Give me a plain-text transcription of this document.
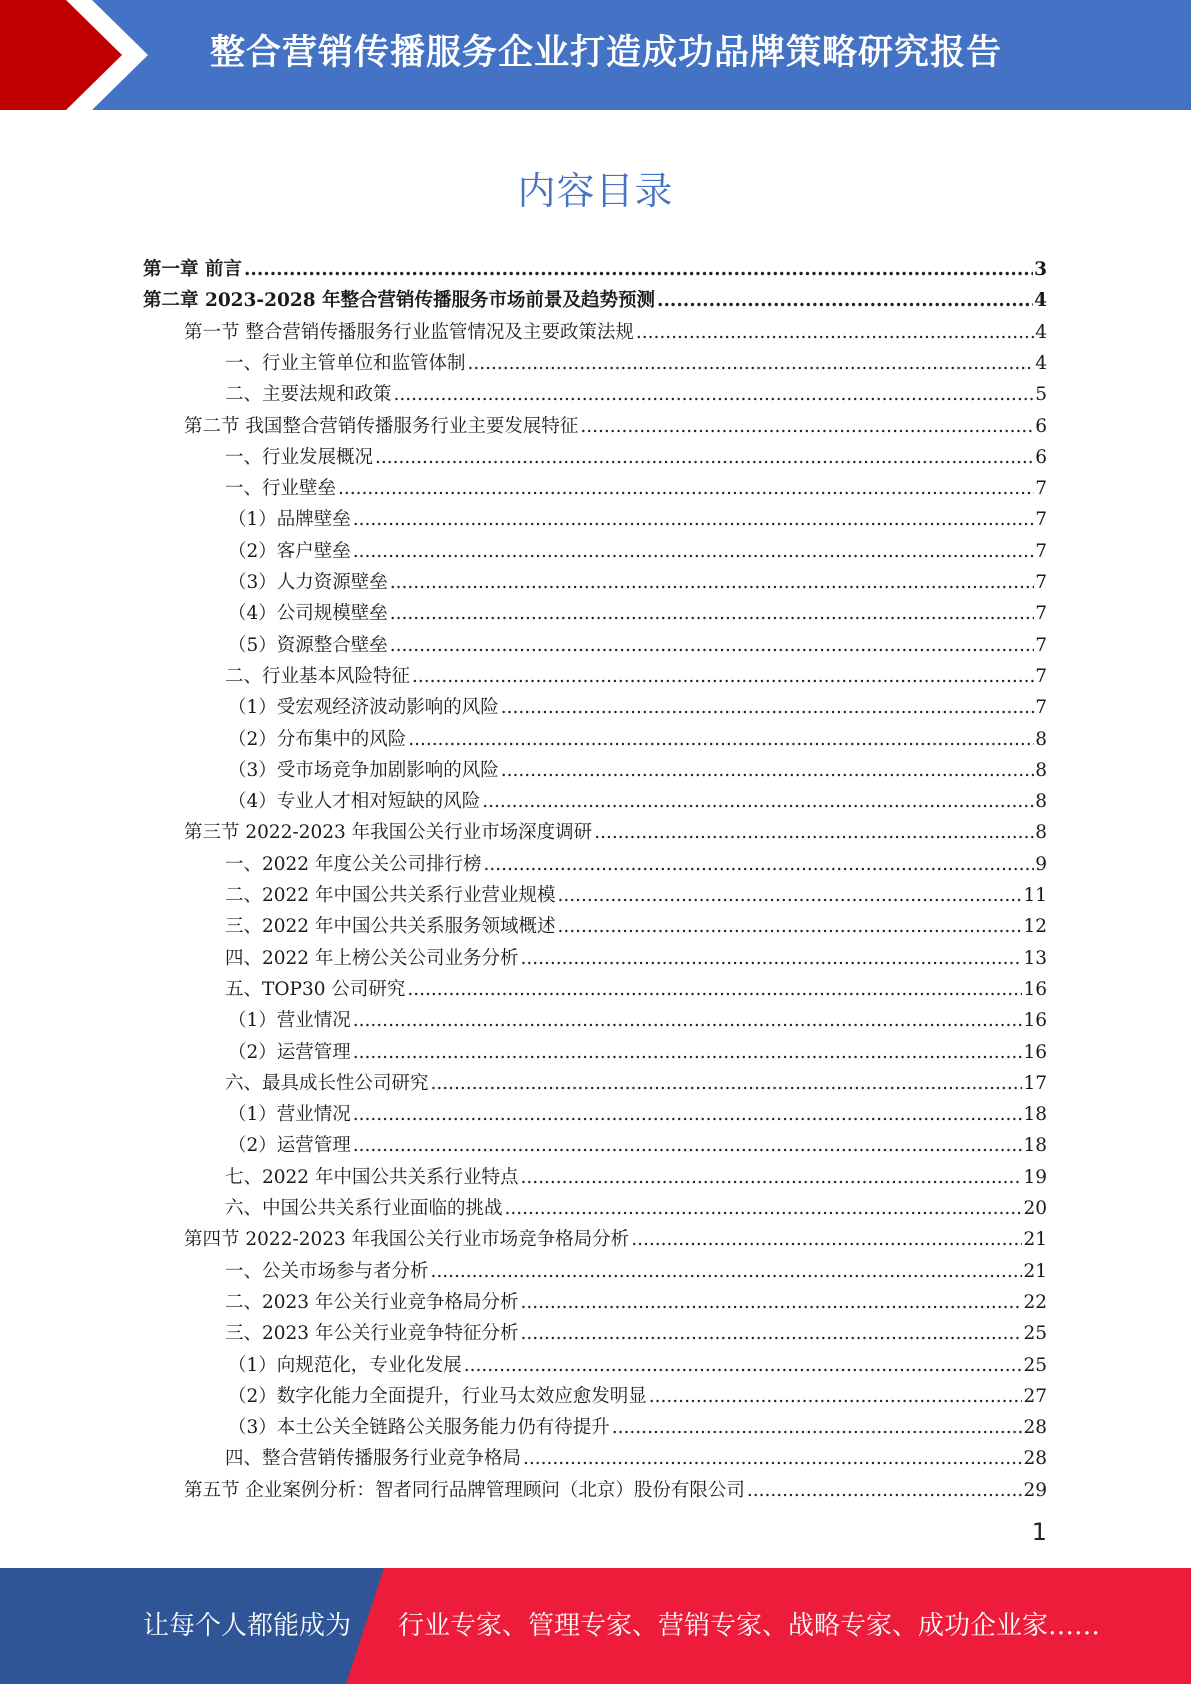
整合营销传播服务企业打造成功品牌策略研究报告
内容目录
第一章 前言 .....	3
第二章 2023-2028 年整合营销传播服务市场前景及趋势预测 .....	4
第一节 整合营销传播服务行业监管情况及主要政策法规 .....	4
一、行业主管单位和监管体制 .....	4
二、主要法规和政策 .....	5
第二节 我国整合营销传播服务行业主要发展特征 .....	6
一、行业发展概况 .....	6
一、行业壁垒 .....	7
（1）品牌壁垒 .....	7
（2）客户壁垒 .....	7
（3）人力资源壁垒 .....	7
（4）公司规模壁垒 .....	7
（5）资源整合壁垒 .....	7
二、行业基本风险特征 .....	7
（1）受宏观经济波动影响的风险 .....	7
（2）分布集中的风险 .....	8
（3）受市场竞争加剧影响的风险 .....	8
（4）专业人才相对短缺的风险 .....	8
第三节 2022-2023 年我国公关行业市场深度调研 .....	8
一、2022 年度公关公司排行榜 .....	9
二、2022 年中国公共关系行业营业规模 .....	11
三、2022 年中国公共关系服务领域概述 .....	12
四、2022 年上榜公关公司业务分析 .....	13
五、TOP30 公司研究 .....	16
（1）营业情况 .....	16
（2）运营管理 .....	16
六、最具成长性公司研究 .....	17
（1）营业情况 .....	18
（2）运营管理 .....	18
七、2022 年中国公共关系行业特点 .....	19
六、中国公共关系行业面临的挑战 .....	20
第四节 2022-2023 年我国公关行业市场竞争格局分析 .....	21
一、公关市场参与者分析 .....	21
二、2023 年公关行业竞争格局分析 .....	22
三、2023 年公关行业竞争特征分析 .....	25
（1）向规范化，专业化发展 .....	25
（2）数字化能力全面提升，行业马太效应愈发明显 .....	27
（3）本土公关全链路公关服务能力仍有待提升 .....	28
四、整合营销传播服务行业竞争格局 .....	28
第五节 企业案例分析：智者同行品牌管理顾问（北京）股份有限公司 .....	29
1
让每个人都能成为 行业专家、管理专家、营销专家、战略专家、成功企业家……
